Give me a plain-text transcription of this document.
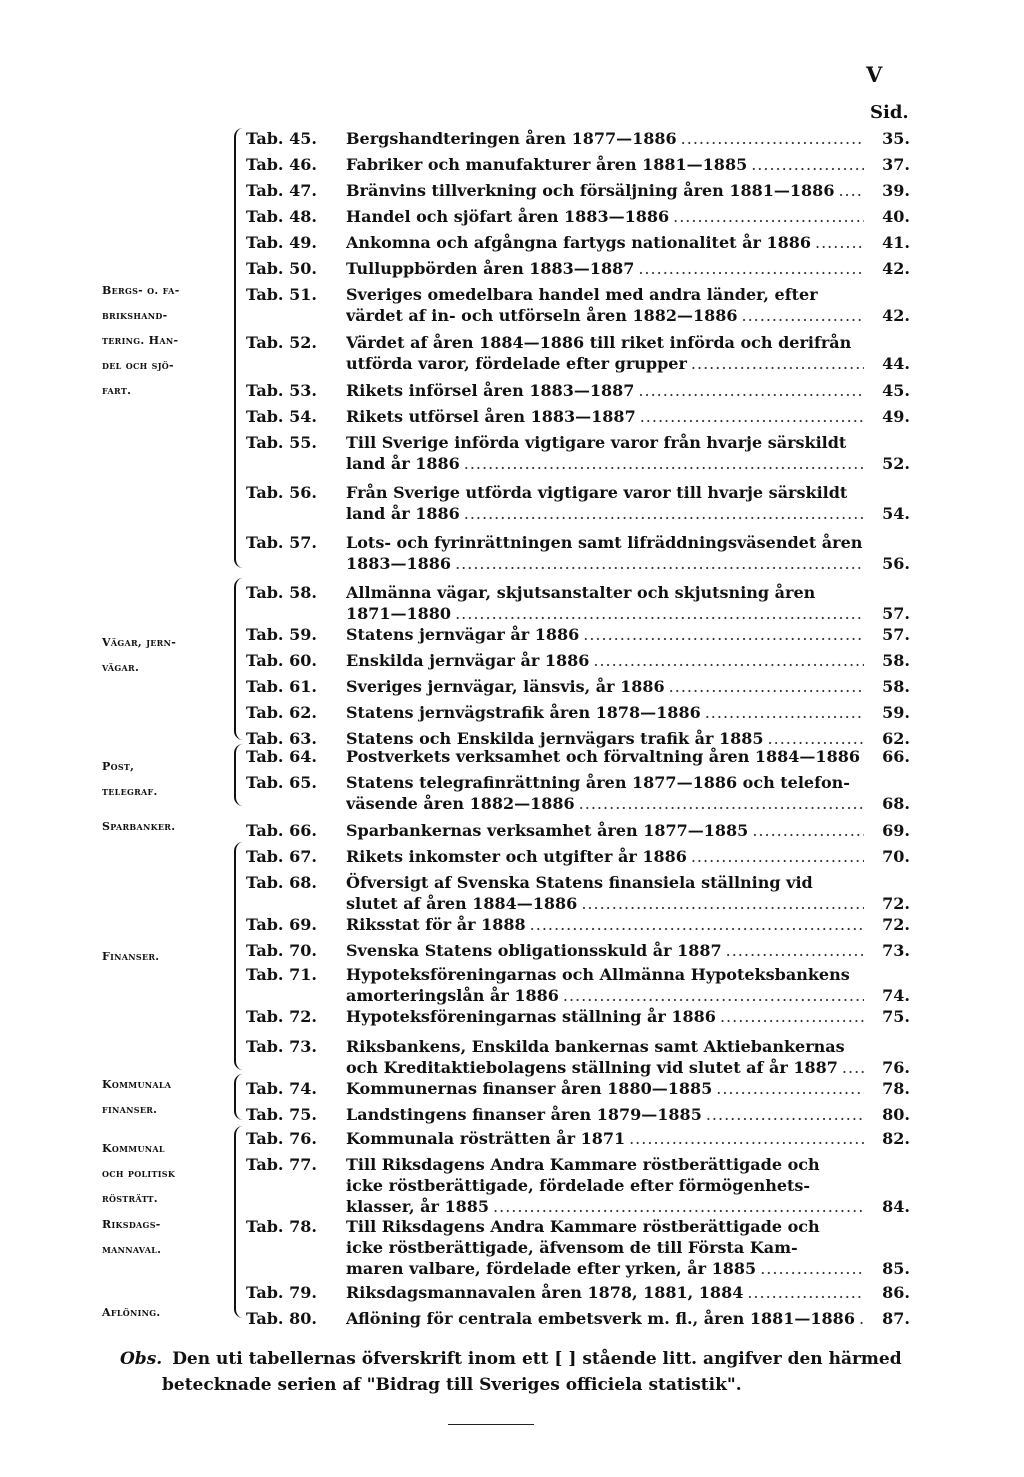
V
Sid.
Bergs- o. fa-
brikshand-
tering. Han-
del och sjö-
fart.
Vägar, jern-
vägar.
Post,
telegraf.
Sparbanker.
Finanser.
Kommunala
finanser.
Kommunal
och politisk
rösträtt.
Riksdags-
mannaval.
Aflöning.
Tab. 45.	Bergshandteringen åren 1877—1886 .....	35.
Tab. 46.	Fabriker och manufakturer åren 1881—1885 .....	37.
Tab. 47.	Bränvins tillverkning och försäljning åren 1881—1886 .....	39.
Tab. 48.	Handel och sjöfart åren 1883—1886 .....	40.
Tab. 49.	Ankomna och afgångna fartygs nationalitet år 1886 .....	41.
Tab. 50.	Tulluppbörden åren 1883—1887 .....	42.
Tab. 51.	Sveriges omedelbara handel med andra länder, efter
värdet af in- och utförseln åren 1882—1886 .....	42.
Tab. 52.	Värdet af åren 1884—1886 till riket införda och derifrån
utförda varor, fördelade efter grupper .....	44.
Tab. 53.	Rikets införsel åren 1883—1887 .....	45.
Tab. 54.	Rikets utförsel åren 1883—1887 .....	49.
Tab. 55.	Till Sverige införda vigtigare varor från hvarje särskildt
land år 1886 .....	52.
Tab. 56.	Från Sverige utförda vigtigare varor till hvarje särskildt
land år 1886 .....	54.
Tab. 57.	Lots- och fyrinrättningen samt lifräddningsväsendet åren
1883—1886 .....	56.
Tab. 58.	Allmänna vägar, skjutsanstalter och skjutsning åren
1871—1880 .....	57.
Tab. 59.	Statens jernvägar år 1886 .....	57.
Tab. 60.	Enskilda jernvägar år 1886 .....	58.
Tab. 61.	Sveriges jernvägar, länsvis, år 1886 .....	58.
Tab. 62.	Statens jernvägstrafik åren 1878—1886 .....	59.
Tab. 63.	Statens och Enskilda jernvägars trafik år 1885 .....	62.
Tab. 64.	Postverkets verksamhet och förvaltning åren 1884—1886 .....	66.
Tab. 65.	Statens telegrafinrättning åren 1877—1886 och telefon-
väsende åren 1882—1886 .....	68.
Tab. 66.	Sparbankernas verksamhet åren 1877—1885 .....	69.
Tab. 67.	Rikets inkomster och utgifter år 1886 .....	70.
Tab. 68.	Öfversigt af Svenska Statens finansiela ställning vid
slutet af åren 1884—1886 .....	72.
Tab. 69.	Riksstat för år 1888 .....	72.
Tab. 70.	Svenska Statens obligationsskuld år 1887 .....	73.
Tab. 71.	Hypoteksföreningarnas och Allmänna Hypoteksbankens
amorteringslån år 1886 .....	74.
Tab. 72.	Hypoteksföreningarnas ställning år 1886 .....	75.
Tab. 73.	Riksbankens, Enskilda bankernas samt Aktiebankernas
och Kreditaktiebolagens ställning vid slutet af år 1887 .....	76.
Tab. 74.	Kommunernas finanser åren 1880—1885 .....	78.
Tab. 75.	Landstingens finanser åren 1879—1885 .....	80.
Tab. 76.	Kommunala rösträtten år 1871 .....	82.
Tab. 77.	Till Riksdagens Andra Kammare röstberättigade och
icke röstberättigade, fördelade efter förmögenhets-
klasser, år 1885 .....	84.
Tab. 78.	Till Riksdagens Andra Kammare röstberättigade och
icke röstberättigade, äfvensom de till Första Kam-
maren valbare, fördelade efter yrken, år 1885 .....	85.
Tab. 79.	Riksdagsmannavalen åren 1878, 1881, 1884 .....	86.
Tab. 80.	Aflöning för centrala embetsverk m. fl., åren 1881—1886 .....	87.
Obs. Den uti tabellernas öfverskrift inom ett [ ] stående litt. angifver den härmed
betecknade serien af "Bidrag till Sveriges officiela statistik".
